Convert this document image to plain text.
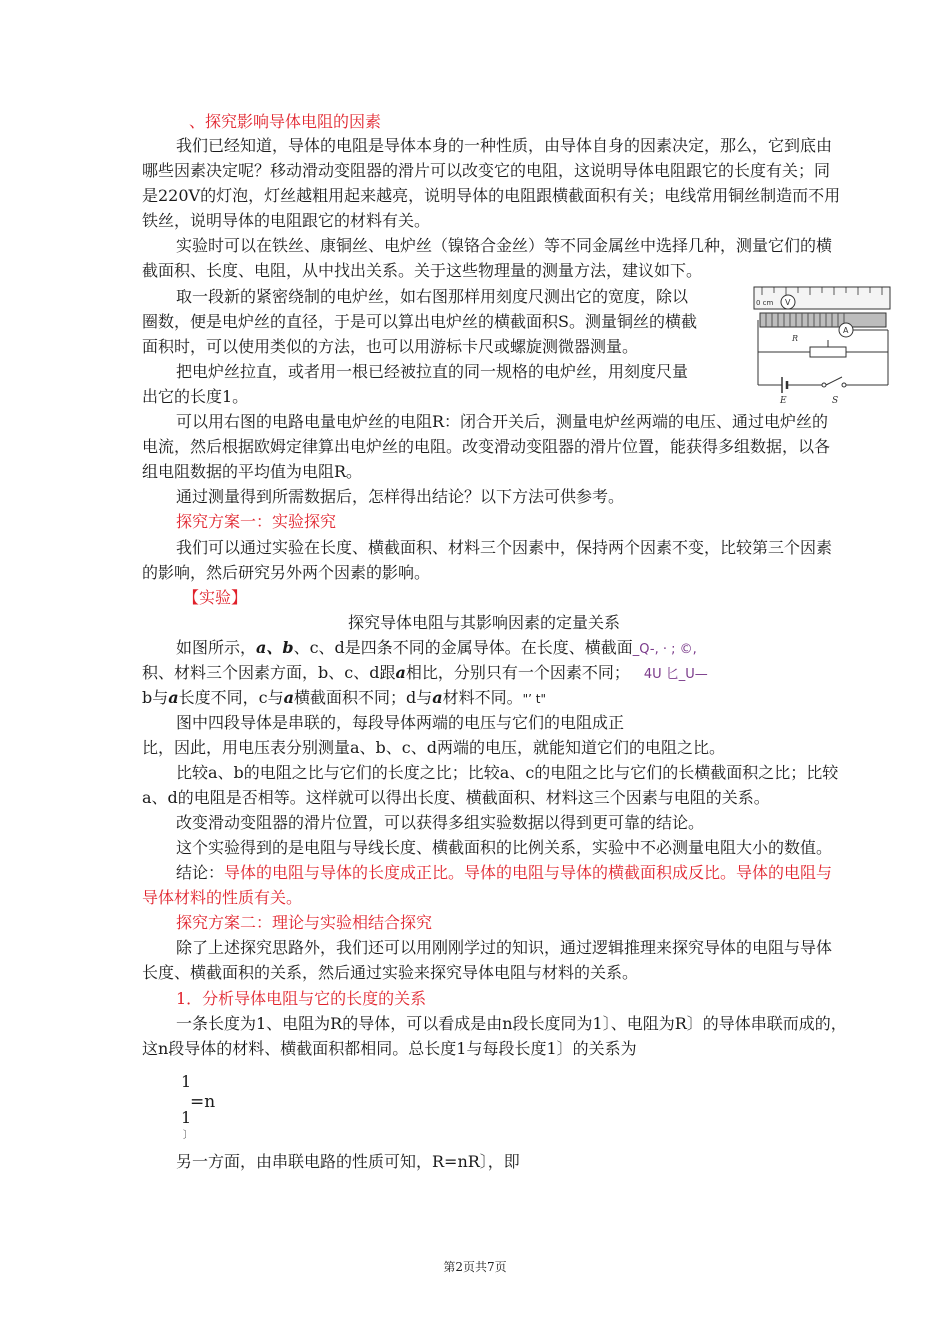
、探究影响导体电阻的因素
我们已经知道，导体的电阻是导体本身的一种性质，由导体自身的因素决定，那么，它到底由
哪些因素决定呢？移动滑动变阻器的滑片可以改变它的电阻，这说明导体电阻跟它的长度有关；同
是220V的灯泡，灯丝越粗用起来越亮，说明导体的电阻跟横截面积有关；电线常用铜丝制造而不用
铁丝，说明导体的电阻跟它的材料有关。
实验时可以在铁丝、康铜丝、电炉丝（镍铬合金丝）等不同金属丝中选择几种，测量它们的横
截面积、长度、电阻，从中找出关系。关于这些物理量的测量方法，建议如下。
取一段新的紧密绕制的电炉丝，如右图那样用刻度尺测出它的宽度，除以
圈数，便是电炉丝的直径，于是可以算出电炉丝的横截面积S。测量铜丝的横截
面积时，可以使用类似的方法，也可以用游标卡尺或螺旋测微器测量。
把电炉丝拉直，或者用一根已经被拉直的同一规格的电炉丝，用刻度尺量
出它的长度1。
0 cm V
A
R
E	S
可以用右图的电路电量电炉丝的电阻R：闭合开关后，测量电炉丝两端的电压、通过电炉丝的
电流，然后根据欧姆定律算出电炉丝的电阻。改变滑动变阻器的滑片位置，能获得多组数据，以各
组电阻数据的平均值为电阻R。
通过测量得到所需数据后，怎样得出结论？以下方法可供参考。
探究方案一：实验探究
我们可以通过实验在长度、横截面积、材料三个因素中，保持两个因素不变，比较第三个因素
的影响，然后研究另外两个因素的影响。
【实验】
探究导体电阻与其影响因素的定量关系
如图所示，a、b、c、d是四条不同的金属导体。在长度、横截面_Q-, · ; ©,
积、材料三个因素方面，b、c、d跟a相比，分别只有一个因素不同； 4U 匕_U—
b与a长度不同，c与a横截面积不同；d与a材料不同。"’ t"
图中四段导体是串联的，每段导体两端的电压与它们的电阻成正
比，因此，用电压表分别测量a、b、c、d两端的电压，就能知道它们的电阻之比。
比较a、b的电阻之比与它们的长度之比；比较a、c的电阻之比与它们的长横截面积之比；比较
a、d的电阻是否相等。这样就可以得出长度、横截面积、材料这三个因素与电阻的关系。
改变滑动变阻器的滑片位置，可以获得多组实验数据以得到更可靠的结论。
这个实验得到的是电阻与导线长度、横截面积的比例关系，实验中不必测量电阻大小的数值。
结论：导体的电阻与导体的长度成正比。导体的电阻与导体的横截面积成反比。导体的电阻与
导体材料的性质有关。
探究方案二：理论与实验相结合探究
除了上述探究思路外，我们还可以用刚刚学过的知识，通过逻辑推理来探究导体的电阻与导体
长度、横截面积的关系，然后通过实验来探究导体电阻与材料的关系。
1．分析导体电阻与它的长度的关系
一条长度为1、电阻为R的导体，可以看成是由n段长度同为1〕、电阻为R〕的导体串联而成的，
这n段导体的材料、横截面积都相同。总长度1与每段长度1〕的关系为
1
=n
1
〕
另一方面，由串联电路的性质可知，R=nR〕，即
第2页共7页
